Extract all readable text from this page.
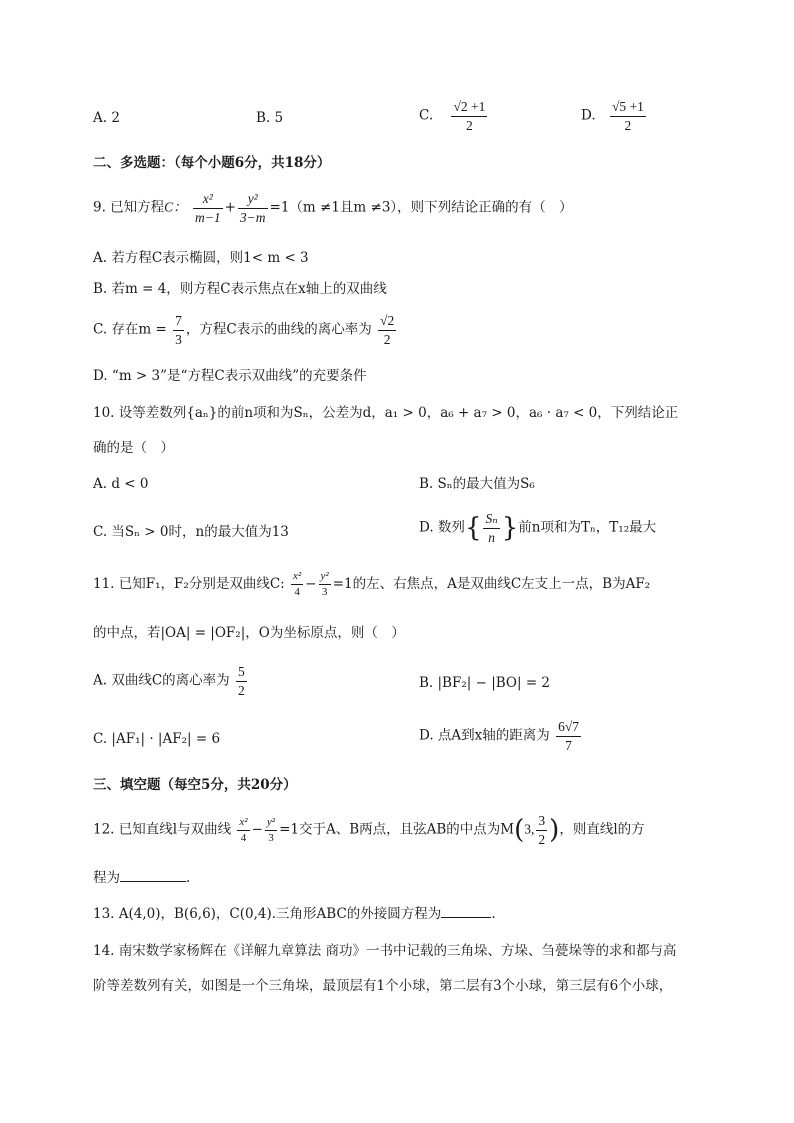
A. 2	B. 5	C. $\frac{√2 +1}{2}$	D. $\frac{√5 +1}{2}$
二、多选题：（每个小题6分，共18分）
9. 已知方程C： $\frac{\text{x²}}{m-1} + \frac{\text{y²}}{3-m} =1(m \ne 1$且m ≠3），则下列结论正确的有（　）
A. 若方程C表示椭圆，则1< m < 3
B. 若m = 4，则方程C表示焦点在x轴上的双曲线
C. 存在$m = \frac{7}{3}$ ，方程C表示的曲线的离心率为 $\frac{√2}{2}$
D. “m > 3”是“方程C表示双曲线”的充要条件
10. 设等差数列{aₙ}的前n项和为Sₙ，公差为d，a₁ > 0，a₆ + a₇ > 0，a₆ · a₇ < 0，下列结论正
确的是（　）
A. d < 0	B. Sₙ的最大值为S₆
C. 当Sₙ > 0时，n的最大值为13	D. 数列{ $\frac{\text{Sₙ}}{n}$ }前n项和为Tₙ，T₁₂最大
11. 已知F₁，F₂分别是双曲线C: $\frac{\text{x²}}{4} - \frac{\text{y²}}{3} =1$的左、右焦点，A是双曲线C左支上一点，B为AF₂
的中点，若|OA| = |OF₂|，O为坐标原点，则（　）
A. 双曲线C的离心率为 $\frac{5}{2}$	B. |BF₂| − |BO| = 2
C. |AF₁| · |AF₂| = 6	D. 点A到x轴的距离为 $\frac{6√7}{7}$
三、填空题（每空5分，共20分）
12. 已知直线l与双曲线 $\frac{\text{x²}}{4} - \frac{\text{y²}}{3} =1$交于A、B两点，且弦AB的中点为M(3, $\frac{3}{2}$ )，则直线l的方
程为	.
13. A(4,0)，B(6,6)，C(0,4).三角形ABC的外接圆方程为	.
14. 南宋数学家杨辉在《详解九章算法 商功》一书中记载的三角垛、方垛、刍甍垛等的求和都与高
阶等差数列有关，如图是一个三角垛，最顶层有1个小球，第二层有3个小球，第三层有6个小球，
